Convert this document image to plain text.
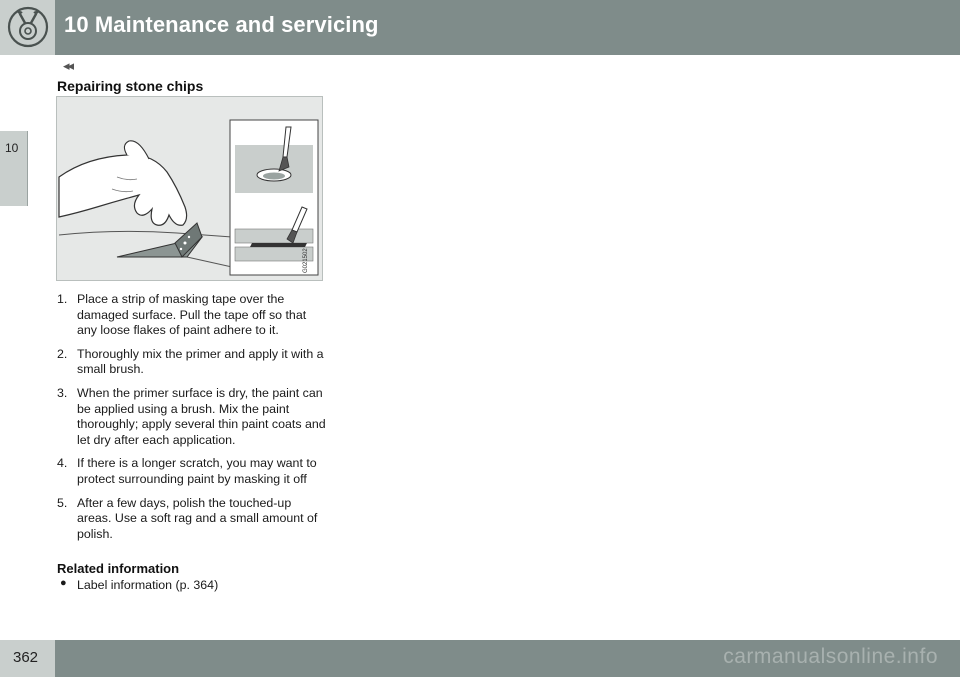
10 Maintenance and servicing
10
◂◂
Repairing stone chips
G021502
1. Place a strip of masking tape over the damaged surface. Pull the tape off so that any loose flakes of paint adhere to it.
2. Thoroughly mix the primer and apply it with a small brush.
3. When the primer surface is dry, the paint can be applied using a brush. Mix the paint thoroughly; apply several thin paint coats and let dry after each application.
4. If there is a longer scratch, you may want to protect surrounding paint by masking it off
5. After a few days, polish the touched-up areas. Use a soft rag and a small amount of polish.
Related information
● Label information (p. 364)
362	carmanualsonline.info
